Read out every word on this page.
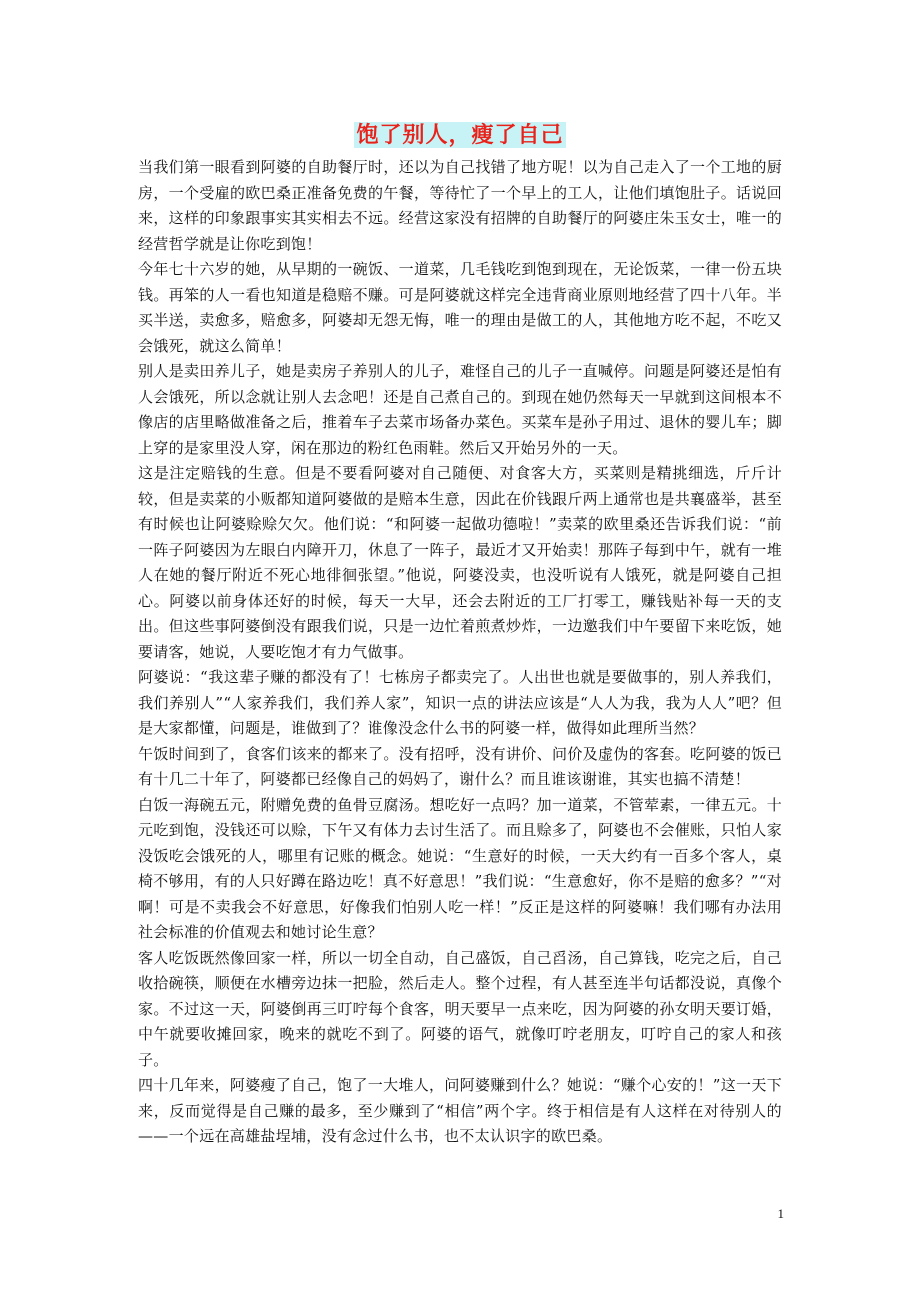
饱了别人，瘦了自己

当我们第一眼看到阿婆的自助餐厅时，还以为自己找错了地方呢！以为自己走入了一个工地的厨房，一个受雇的欧巴桑正准备免费的午餐，等待忙了一个早上的工人，让他们填饱肚子。话说回来，这样的印象跟事实其实相去不远。经营这家没有招牌的自助餐厅的阿婆庄朱玉女士，唯一的经营哲学就是让你吃到饱！

今年七十六岁的她，从早期的一碗饭、一道菜，几毛钱吃到饱到现在，无论饭菜，一律一份五块钱。再笨的人一看也知道是稳赔不赚。可是阿婆就这样完全违背商业原则地经营了四十八年。半买半送，卖愈多，赔愈多，阿婆却无怨无悔，唯一的理由是做工的人，其他地方吃不起，不吃又会饿死，就这么简单！

别人是卖田养儿子，她是卖房子养别人的儿子，难怪自己的儿子一直喊停。问题是阿婆还是怕有人会饿死，所以念就让别人去念吧！还是自己煮自己的。到现在她仍然每天一早就到这间根本不像店的店里略做准备之后，推着车子去菜市场备办菜色。买菜车是孙子用过、退休的婴儿车；脚上穿的是家里没人穿，闲在那边的粉红色雨鞋。然后又开始另外的一天。

这是注定赔钱的生意。但是不要看阿婆对自己随便、对食客大方，买菜则是精挑细选，斤斤计较，但是卖菜的小贩都知道阿婆做的是赔本生意，因此在价钱跟斤两上通常也是共襄盛举，甚至有时候也让阿婆赊赊欠欠。他们说：“和阿婆一起做功德啦！”卖菜的欧里桑还告诉我们说：“前一阵子阿婆因为左眼白内障开刀，休息了一阵子，最近才又开始卖！那阵子每到中午，就有一堆人在她的餐厅附近不死心地徘徊张望。”他说，阿婆没卖，也没听说有人饿死，就是阿婆自己担心。阿婆以前身体还好的时候，每天一大早，还会去附近的工厂打零工，赚钱贴补每一天的支出。但这些事阿婆倒没有跟我们说，只是一边忙着煎煮炒炸，一边邀我们中午要留下来吃饭，她要请客，她说，人要吃饱才有力气做事。

阿婆说：“我这辈子赚的都没有了！七栋房子都卖完了。人出世也就是要做事的，别人养我们，我们养别人”“人家养我们，我们养人家”，知识一点的讲法应该是“人人为我，我为人人”吧？但是大家都懂，问题是，谁做到了？谁像没念什么书的阿婆一样，做得如此理所当然？

午饭时间到了，食客们该来的都来了。没有招呼，没有讲价、问价及虚伪的客套。吃阿婆的饭已有十几二十年了，阿婆都已经像自己的妈妈了，谢什么？而且谁该谢谁，其实也搞不清楚！

白饭一海碗五元，附赠免费的鱼骨豆腐汤。想吃好一点吗？加一道菜，不管荤素，一律五元。十元吃到饱，没钱还可以赊，下午又有体力去讨生活了。而且赊多了，阿婆也不会催账，只怕人家没饭吃会饿死的人，哪里有记账的概念。她说：“生意好的时候，一天大约有一百多个客人，桌椅不够用，有的人只好蹲在路边吃！真不好意思！”我们说：“生意愈好，你不是赔的愈多？”“对啊！可是不卖我会不好意思，好像我们怕别人吃一样！”反正是这样的阿婆嘛！我们哪有办法用社会标准的价值观去和她讨论生意？

客人吃饭既然像回家一样，所以一切全自动，自己盛饭，自己舀汤，自己算钱，吃完之后，自己收拾碗筷，顺便在水槽旁边抹一把脸，然后走人。整个过程，有人甚至连半句话都没说，真像个家。不过这一天，阿婆倒再三叮咛每个食客，明天要早一点来吃，因为阿婆的孙女明天要订婚，中午就要收摊回家，晚来的就吃不到了。阿婆的语气，就像叮咛老朋友，叮咛自己的家人和孩子。

四十几年来，阿婆瘦了自己，饱了一大堆人，问阿婆赚到什么？她说：“赚个心安的！”这一天下来，反而觉得是自己赚的最多，至少赚到了“相信”两个字。终于相信是有人这样在对待别人的——一个远在高雄盐埕埔，没有念过什么书，也不太认识字的欧巴桑。

1
